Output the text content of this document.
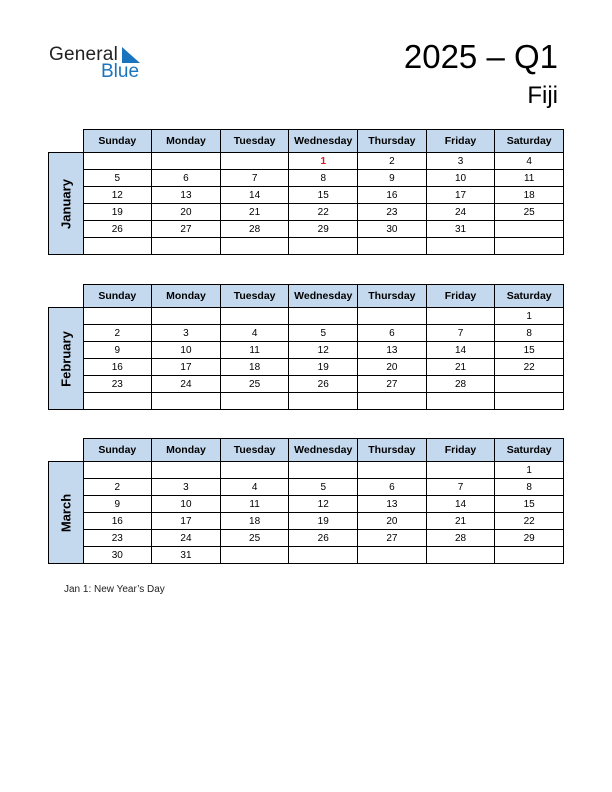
General
Blue	2025 – Q1
Fiji
	Sunday	Monday	Tuesday	Wednesday	Thursday	Friday	Saturday

January				1	2	3	4
	5	6	7	8	9	10	11
	12	13	14	15	16	17	18
	19	20	21	22	23	24	25
	26	27	28	29	30	31	

	Sunday	Monday	Tuesday	Wednesday	Thursday	Friday	Saturday

February							1
	2	3	4	5	6	7	8
	9	10	11	12	13	14	15
	16	17	18	19	20	21	22
	23	24	25	26	27	28	

	Sunday	Monday	Tuesday	Wednesday	Thursday	Friday	Saturday

March							1
	2	3	4	5	6	7	8
	9	10	11	12	13	14	15
	16	17	18	19	20	21	22
	23	24	25	26	27	28	29
	30	31					
Jan 1: New Year’s Day
